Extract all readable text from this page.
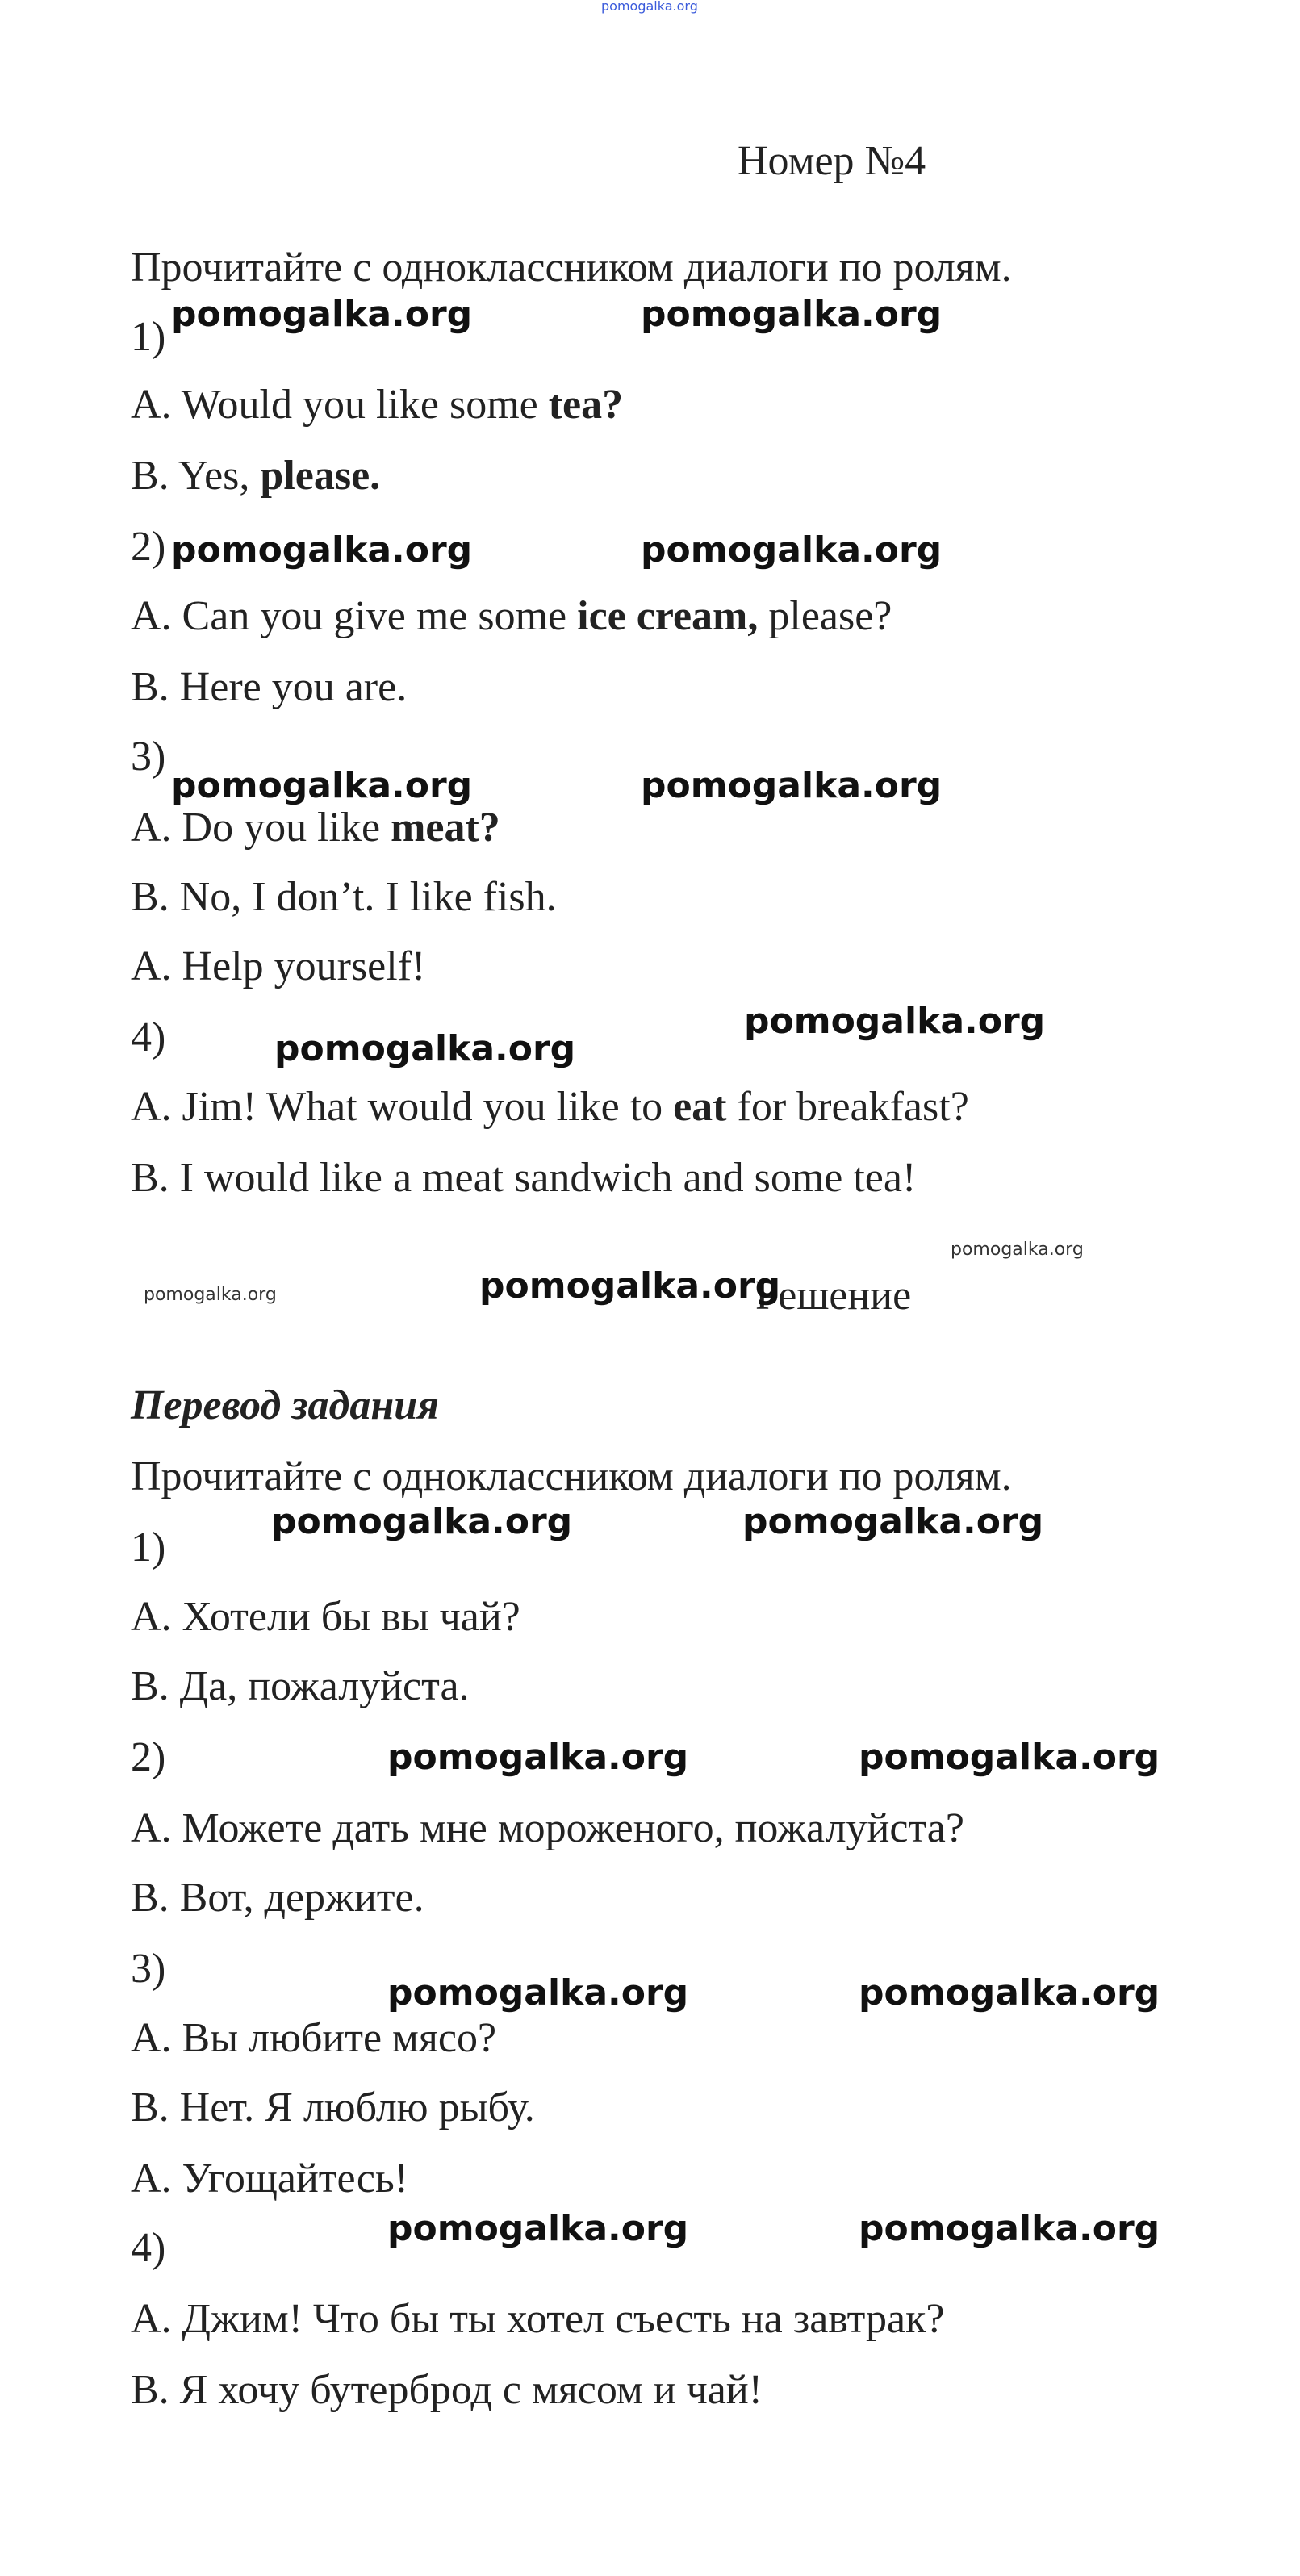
pomogalka.org
Номер №4
Прочитайте с одноклассником диалоги по ролям.
1)
A. Would you like some tea?
B. Yes, please.
2)
A. Can you give me some ice cream, please?
B. Here you are.
3)
A. Do you like meat?
B. No, I don’t. I like fish.
A. Help yourself!
4)
A. Jim! What would you like to eat for breakfast?
B. I would like a meat sandwich and some tea!
Решение
Перевод задания
Прочитайте с одноклассником диалоги по ролям.
1)
A. Хотели бы вы чай?
B. Да, пожалуйста.
2)
A. Можете дать мне мороженого, пожалуйста?
B. Вот, держите.
3)
A. Вы любите мясо?
B. Нет. Я люблю рыбу.
A. Угощайтесь!
4)
A. Джим! Что бы ты хотел съесть на завтрак?
B. Я хочу бутерброд с мясом и чай!
pomogalka.org	pomogalka.org
pomogalka.org	pomogalka.org
pomogalka.org	pomogalka.org
pomogalka.org
pomogalka.org
pomogalka.org
pomogalka.org	pomogalka.org
pomogalka.org	pomogalka.org
pomogalka.org	pomogalka.org
pomogalka.org	pomogalka.org
pomogalka.org	pomogalka.org
